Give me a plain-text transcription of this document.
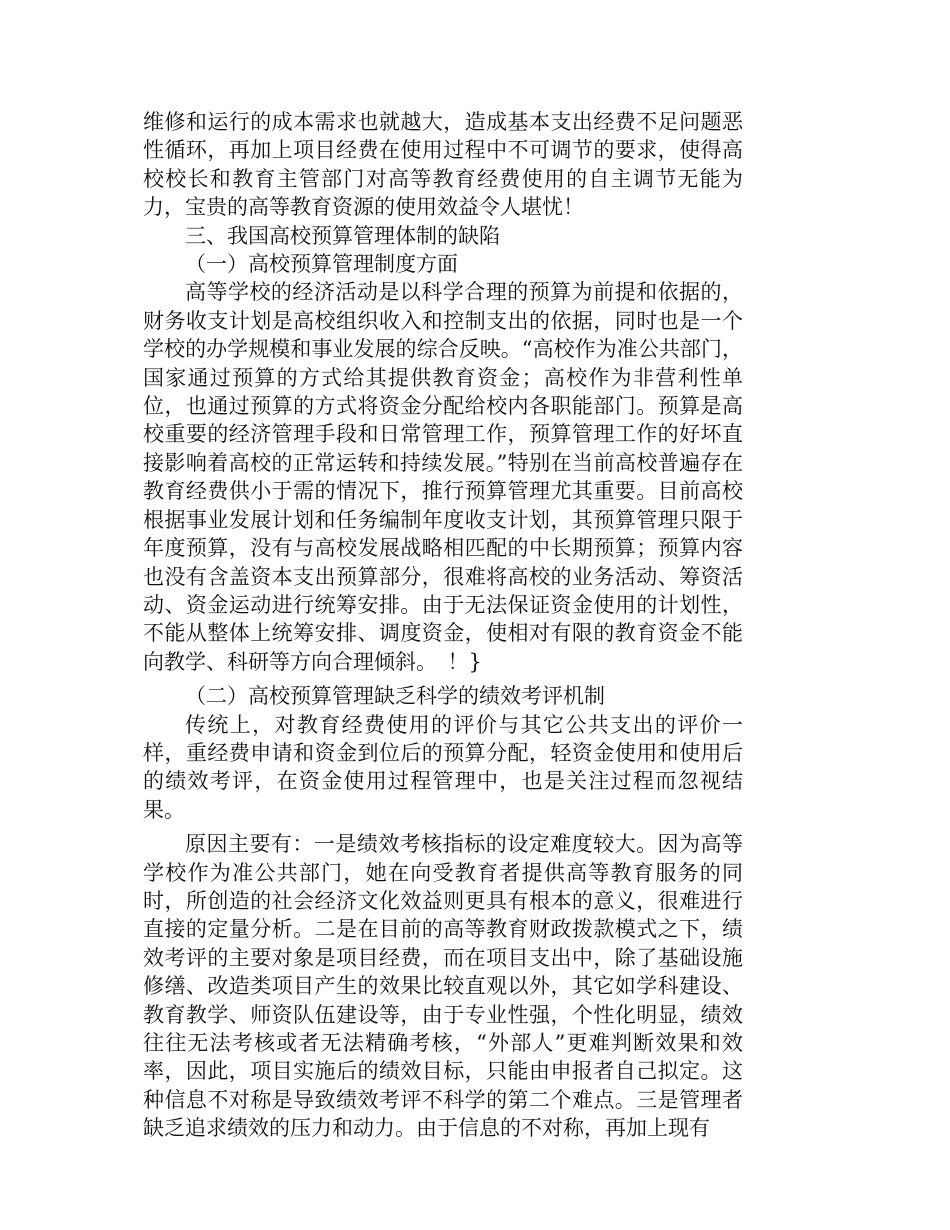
维修和运行的成本需求也就越大，造成基本支出经费不足问题恶性循环，再加上项目经费在使用过程中不可调节的要求，使得高校校长和教育主管部门对高等教育经费使用的自主调节无能为力，宝贵的高等教育资源的使用效益令人堪忧！

三、我国高校预算管理体制的缺陷

（一）高校预算管理制度方面

高等学校的经济活动是以科学合理的预算为前提和依据的，财务收支计划是高校组织收入和控制支出的依据，同时也是一个学校的办学规模和事业发展的综合反映。“高校作为准公共部门，国家通过预算的方式给其提供教育资金；高校作为非营利性单位，也通过预算的方式将资金分配给校内各职能部门。预算是高校重要的经济管理手段和日常管理工作，预算管理工作的好坏直接影响着高校的正常运转和持续发展。”特别在当前高校普遍存在教育经费供小于需的情况下，推行预算管理尤其重要。目前高校根据事业发展计划和任务编制年度收支计划，其预算管理只限于年度预算，没有与高校发展战略相匹配的中长期预算；预算内容也没有含盖资本支出预算部分，很难将高校的业务活动、筹资活动、资金运动进行统筹安排。由于无法保证资金使用的计划性，不能从整体上统筹安排、调度资金，使相对有限的教育资金不能向教学、科研等方向合理倾斜。　！}

（二）高校预算管理缺乏科学的绩效考评机制

传统上，对教育经费使用的评价与其它公共支出的评价一样，重经费申请和资金到位后的预算分配，轻资金使用和使用后的绩效考评，在资金使用过程管理中，也是关注过程而忽视结果。

原因主要有：一是绩效考核指标的设定难度较大。因为高等学校作为准公共部门，她在向受教育者提供高等教育服务的同时，所创造的社会经济文化效益则更具有根本的意义，很难进行直接的定量分析。二是在目前的高等教育财政拨款模式之下，绩效考评的主要对象是项目经费，而在项目支出中，除了基础设施修缮、改造类项目产生的效果比较直观以外，其它如学科建设、教育教学、师资队伍建设等，由于专业性强，个性化明显，绩效往往无法考核或者无法精确考核，“外部人”更难判断效果和效率，因此，项目实施后的绩效目标，只能由申报者自己拟定。这种信息不对称是导致绩效考评不科学的第二个难点。三是管理者缺乏追求绩效的压力和动力。由于信息的不对称，再加上现有
